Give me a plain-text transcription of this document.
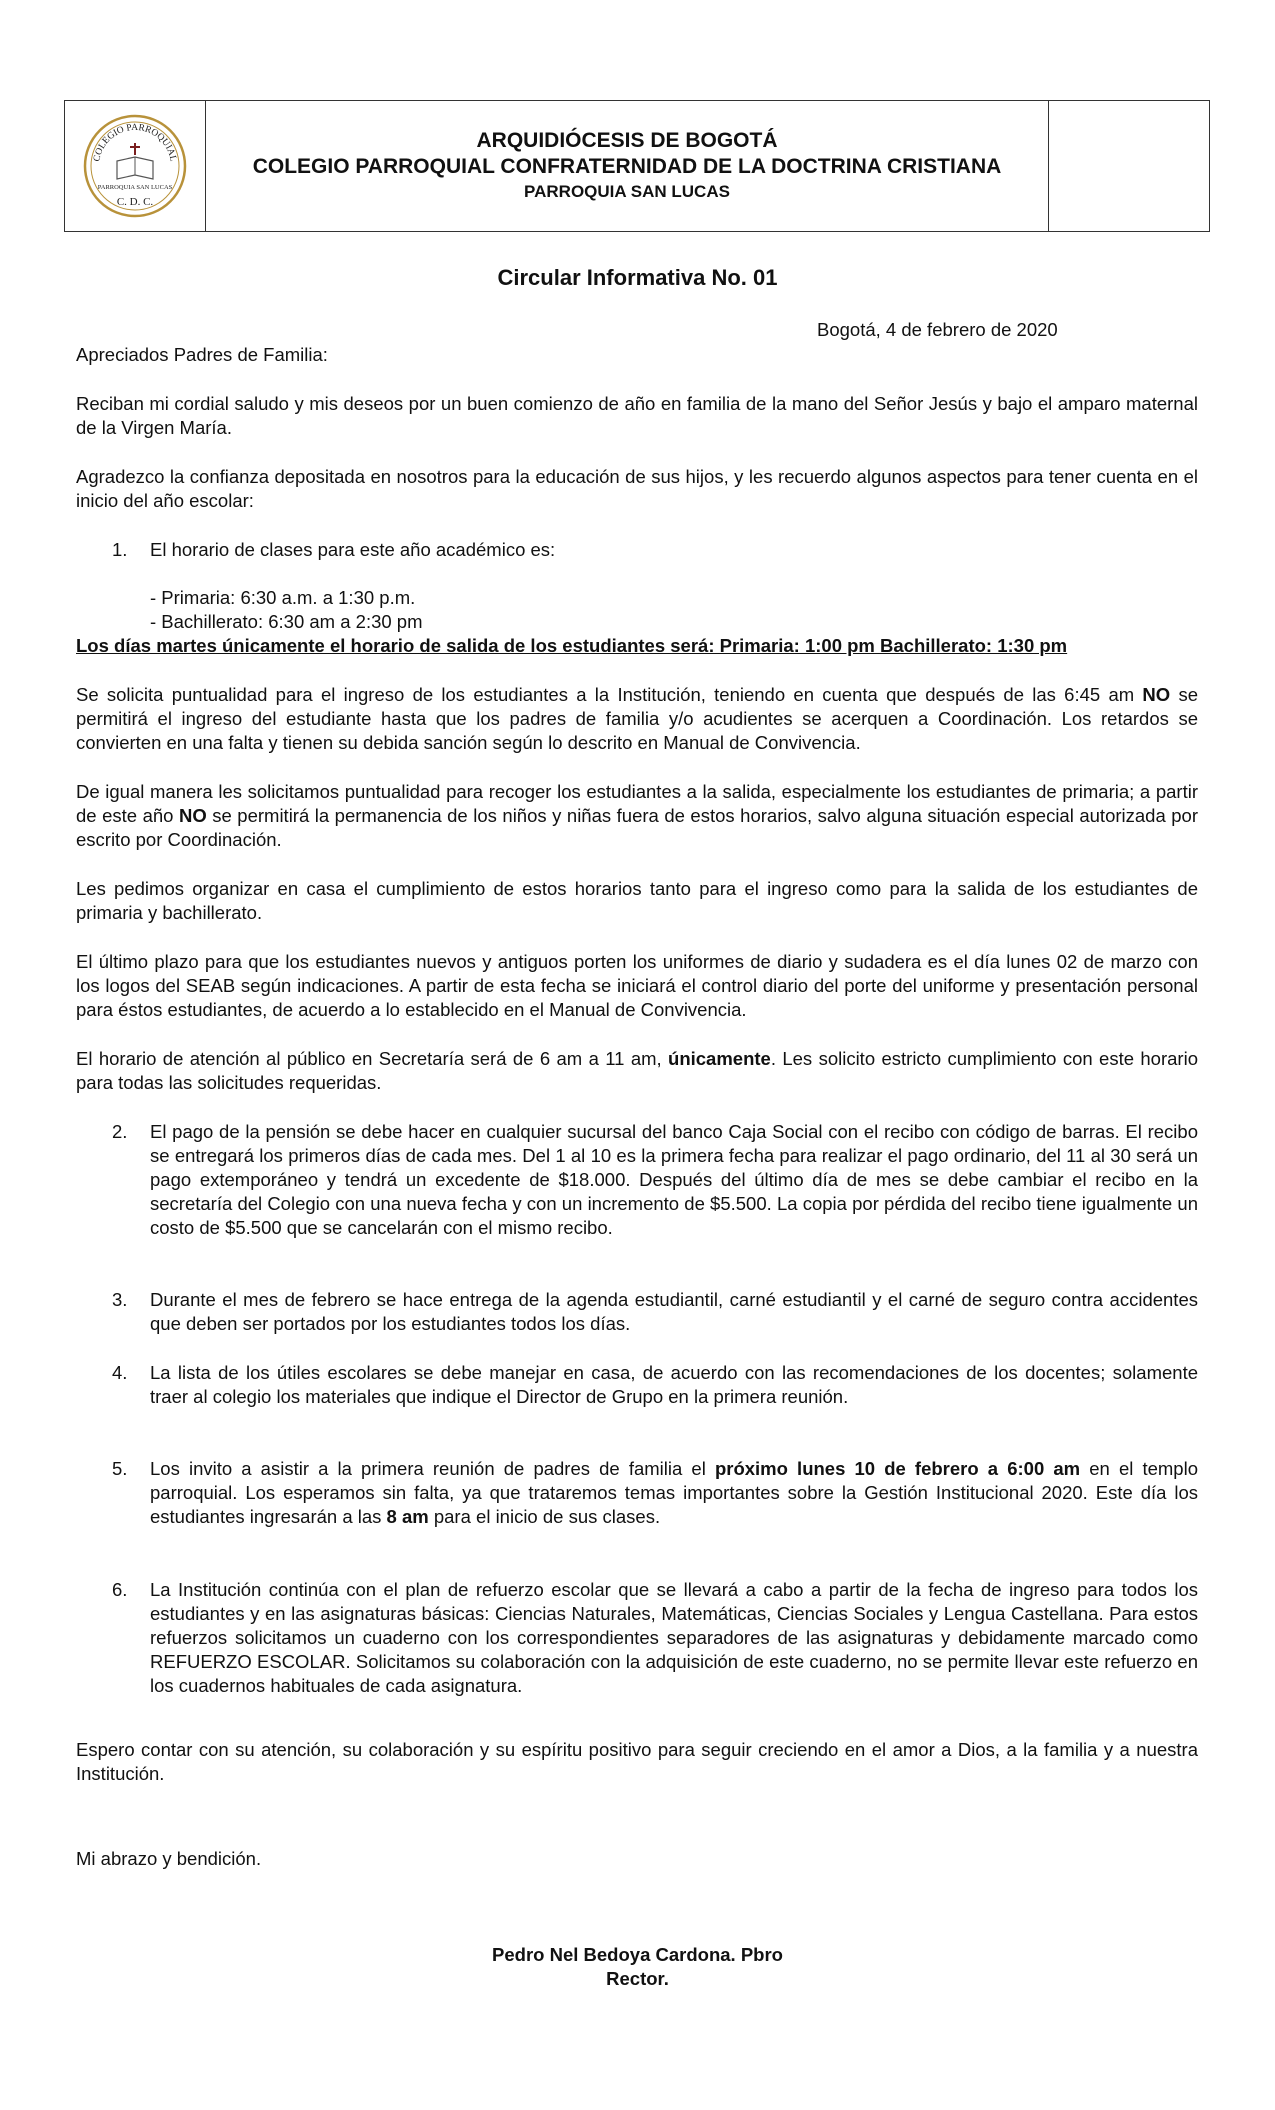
COLEGIO PARROQUIAL
PARROQUIA SAN LUCAS
C. D. C.
ARQUIDIÓCESIS DE BOGOTÁ
COLEGIO PARROQUIAL CONFRATERNIDAD DE LA DOCTRINA CRISTIANA
PARROQUIA SAN LUCAS
Circular Informativa No. 01
Bogotá, 4 de febrero de 2020
Apreciados Padres de Familia:
Reciban mi cordial saludo y mis deseos por un buen comienzo de año en familia de la mano del Señor Jesús y bajo el amparo maternal de la Virgen María.
Agradezco la confianza depositada en nosotros para la educación de sus hijos, y les recuerdo algunos aspectos para tener cuenta en el inicio del año escolar:
1. El horario de clases para este año académico es:
- Primaria: 6:30 a.m. a 1:30 p.m.
- Bachillerato: 6:30 am a 2:30 pm
Los días martes únicamente el horario de salida de los estudiantes será: Primaria: 1:00 pm Bachillerato: 1:30 pm
Se solicita puntualidad para el ingreso de los estudiantes a la Institución, teniendo en cuenta que después de las 6:45 am NO se permitirá el ingreso del estudiante hasta que los padres de familia y/o acudientes se acerquen a Coordinación. Los retardos se convierten en una falta y tienen su debida sanción según lo descrito en Manual de Convivencia.
De igual manera les solicitamos puntualidad para recoger los estudiantes a la salida, especialmente los estudiantes de primaria; a partir de este año NO se permitirá la permanencia de los niños y niñas fuera de estos horarios, salvo alguna situación especial autorizada por escrito por Coordinación.
Les pedimos organizar en casa el cumplimiento de estos horarios tanto para el ingreso como para la salida de los estudiantes de primaria y bachillerato.
El último plazo para que los estudiantes nuevos y antiguos porten los uniformes de diario y sudadera es el día lunes 02 de marzo con los logos del SEAB según indicaciones. A partir de esta fecha se iniciará el control diario del porte del uniforme y presentación personal para éstos estudiantes, de acuerdo a lo establecido en el Manual de Convivencia.
El horario de atención al público en Secretaría será de 6 am a 11 am, únicamente. Les solicito estricto cumplimiento con este horario para todas las solicitudes requeridas.
2. El pago de la pensión se debe hacer en cualquier sucursal del banco Caja Social con el recibo con código de barras. El recibo se entregará los primeros días de cada mes. Del 1 al 10 es la primera fecha para realizar el pago ordinario, del 11 al 30 será un pago extemporáneo y tendrá un excedente de $18.000. Después del último día de mes se debe cambiar el recibo en la secretaría del Colegio con una nueva fecha y con un incremento de $5.500. La copia por pérdida del recibo tiene igualmente un costo de $5.500 que se cancelarán con el mismo recibo.
3. Durante el mes de febrero se hace entrega de la agenda estudiantil, carné estudiantil y el carné de seguro contra accidentes que deben ser portados por los estudiantes todos los días.
4. La lista de los útiles escolares se debe manejar en casa, de acuerdo con las recomendaciones de los docentes; solamente traer al colegio los materiales que indique el Director de Grupo en la primera reunión.
5. Los invito a asistir a la primera reunión de padres de familia el próximo lunes 10 de febrero a 6:00 am en el templo parroquial. Los esperamos sin falta, ya que trataremos temas importantes sobre la Gestión Institucional 2020. Este día los estudiantes ingresarán a las 8 am para el inicio de sus clases.
6. La Institución continúa con el plan de refuerzo escolar que se llevará a cabo a partir de la fecha de ingreso para todos los estudiantes y en las asignaturas básicas: Ciencias Naturales, Matemáticas, Ciencias Sociales y Lengua Castellana. Para estos refuerzos solicitamos un cuaderno con los correspondientes separadores de las asignaturas y debidamente marcado como REFUERZO ESCOLAR. Solicitamos su colaboración con la adquisición de este cuaderno, no se permite llevar este refuerzo en los cuadernos habituales de cada asignatura.
Espero contar con su atención, su colaboración y su espíritu positivo para seguir creciendo en el amor a Dios, a la familia y a nuestra Institución.
Mi abrazo y bendición.
Pedro Nel Bedoya Cardona. Pbro
Rector.
